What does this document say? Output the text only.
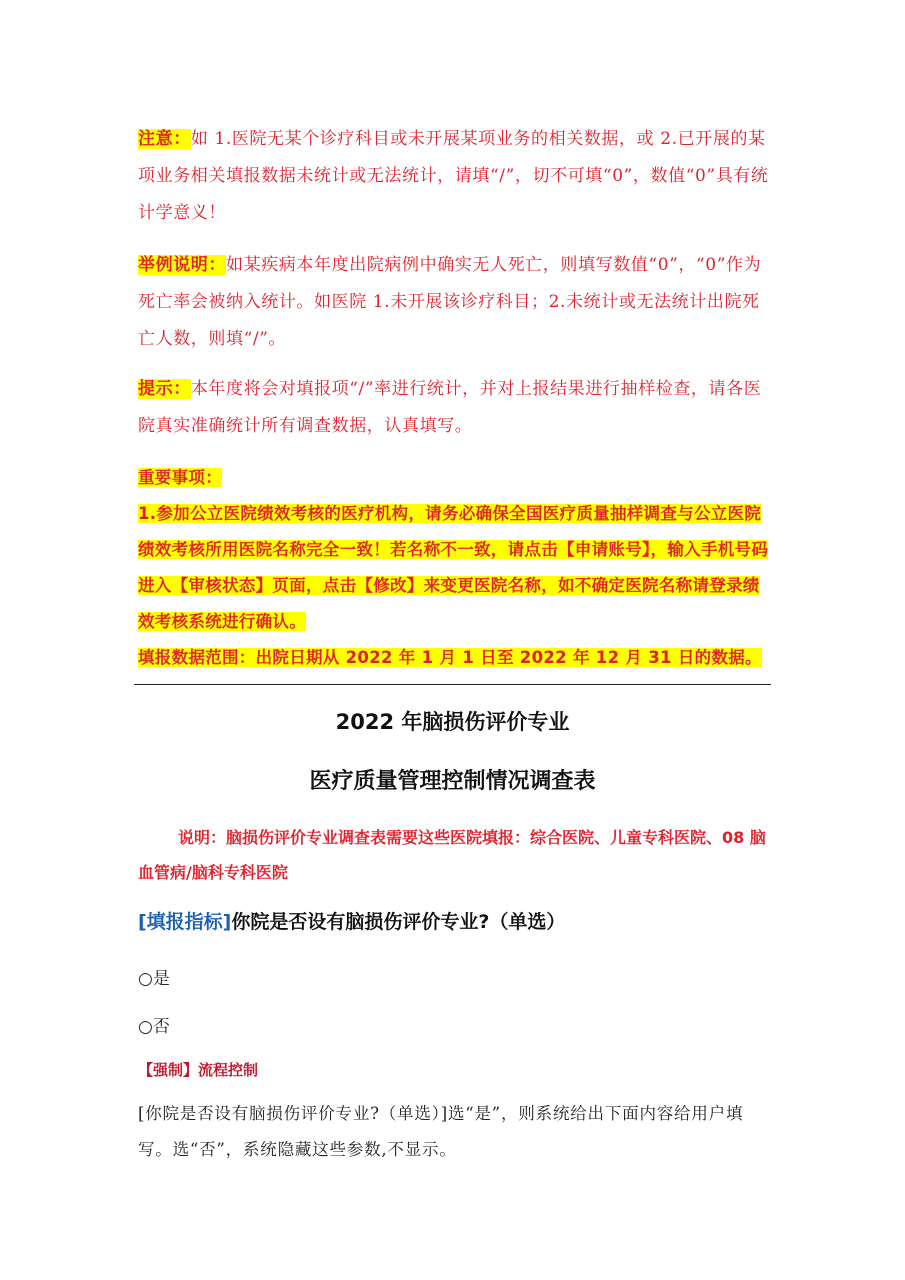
注意：如 1.医院无某个诊疗科目或未开展某项业务的相关数据，或 2.已开展的某项业务相关填报数据未统计或无法统计，请填“/”，切不可填“0”，数值“0”具有统计学意义！
举例说明：如某疾病本年度出院病例中确实无人死亡，则填写数值“0”，“0”作为死亡率会被纳入统计。如医院 1.未开展该诊疗科目；2.未统计或无法统计出院死亡人数，则填“/”。
提示：本年度将会对填报项“/”率进行统计，并对上报结果进行抽样检查，请各医院真实准确统计所有调查数据，认真填写。
重要事项：
1.参加公立医院绩效考核的医疗机构，请务必确保全国医疗质量抽样调查与公立医院绩效考核所用医院名称完全一致！若名称不一致，请点击【申请账号】，输入手机号码进入【审核状态】页面，点击【修改】来变更医院名称，如不确定医院名称请登录绩效考核系统进行确认。
填报数据范围：出院日期从 2022 年 1 月 1 日至 2022 年 12 月 31 日的数据。
2022 年脑损伤评价专业
医疗质量管理控制情况调查表
说明：脑损伤评价专业调查表需要这些医院填报：综合医院、儿童专科医院、08 脑血管病/脑科专科医院
[填报指标]你院是否设有脑损伤评价专业?（单选）
○是
○否
【强制】流程控制
[你院是否设有脑损伤评价专业?（单选）]选“是”，则系统给出下面内容给用户填写。选“否”，系统隐藏这些参数,不显示。
